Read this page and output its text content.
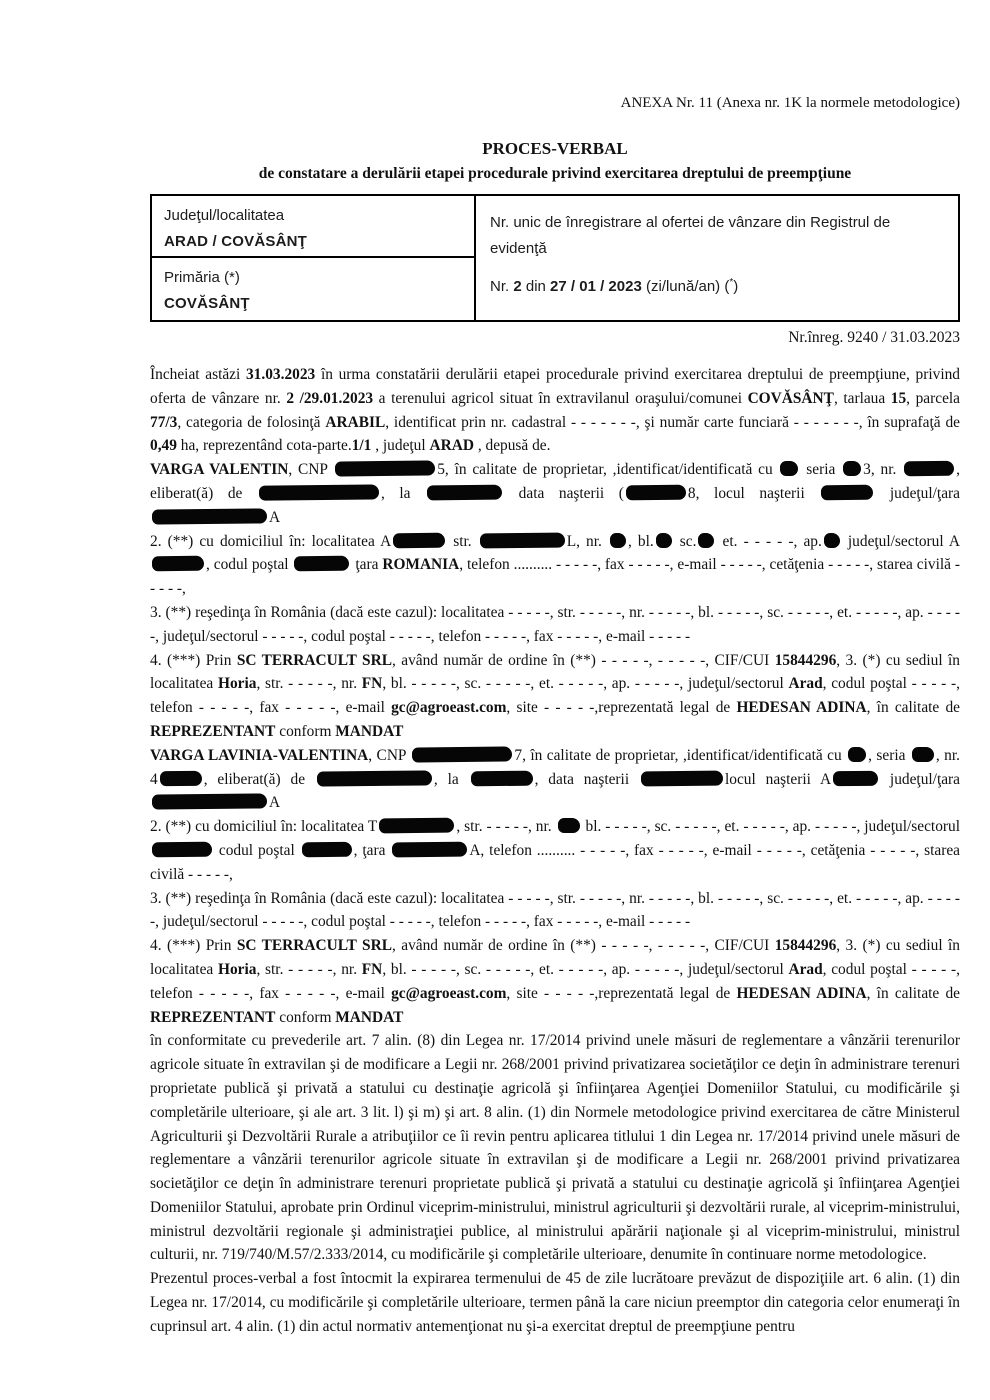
ANEXA Nr. 11 (Anexa nr. 1K la normele metodologice)
PROCES-VERBAL
de constatare a derulării etapei procedurale privind exercitarea dreptului de preempţiune
Judeţul/localitatea
ARAD / COVĂSÂNŢ
Nr. unic de înregistrare al ofertei de vânzare din Registrul de evidenţă
Nr. 2 din 27 / 01 / 2023 (zi/lună/an) (*)
Primăria (*)
COVĂSÂNŢ
Nr.înreg. 9240 / 31.03.2023

Încheiat astăzi 31.03.2023 în urma constatării derulării etapei procedurale privind exercitarea dreptului de preempţiune, privind oferta de vânzare nr. 2 /29.01.2023 a terenului agricol situat în extravilanul oraşului/comunei COVĂSÂNŢ, tarlaua 15, parcela 77/3, categoria de folosinţă ARABIL, identificat prin nr. cadastral - - - - - - -, şi număr carte funciară - - - - - - -, în suprafaţă de 0,49 ha, reprezentând cota-parte.1/1 , judeţul ARAD , depusă de.

VARGA VALENTIN, CNP	5, în calitate de proprietar, ,identificat/identificată cu  seria 3, nr.	, eliberat(ă) de	, la	data naşterii (	8, locul naşterii	judeţul/ţara A

2. (**) cu domiciliul în: localitatea A	str.	L, nr. , bl. sc. et. - - - - -, ap. judeţul/sectorul A, codul poştal	ţara ROMANIA, telefon .......... - - - - -, fax - - - - -, e-mail - - - - -, cetăţenia - - - - -, starea civilă - - - - -,

3. (**) reşedinţa în România (dacă este cazul): localitatea - - - - -, str. - - - - -, nr. - - - - -, bl. - - - - -, sc. - - - - -, et. - - - - -, ap. - - - - -, judeţul/sectorul - - - - -, codul poştal - - - - -, telefon - - - - -, fax - - - - -, e-mail - - - - -

4. (***) Prin SC TERRACULT SRL, având număr de ordine în (**) - - - - -, - - - - -, CIF/CUI 15844296, 3. (*) cu sediul în localitatea Horia, str. - - - - -, nr. FN, bl. - - - - -, sc. - - - - -, et. - - - - -, ap. - - - - -, judeţul/sectorul Arad, codul poştal - - - - -, telefon - - - - -, fax - - - - -, e-mail gc@agroeast.com, site - - - - -,reprezentată legal de HEDESAN ADINA, în calitate de REPREZENTANT conform MANDAT

VARGA LAVINIA-VALENTINA, CNP	7, în calitate de proprietar, ,identificat/identificată cu , seria , nr. 4	, eliberat(ă) de	, la	, data naşterii	locul naşterii A	judeţul/ţara A

2. (**) cu domiciliul în: localitatea T	, str. - - - - -, nr.  bl. - - - - -, sc. - - - - -, et. - - - - -, ap. - - - - -, judeţul/sectorul  codul poştal	, ţara	A, telefon .......... - - - - -, fax - - - - -, e-mail - - - - -, cetăţenia - - - - -, starea civilă - - - - -,

3. (**) reşedinţa în România (dacă este cazul): localitatea - - - - -, str. - - - - -, nr. - - - - -, bl. - - - - -, sc. - - - - -, et. - - - - -, ap. - - - - -, judeţul/sectorul - - - - -, codul poştal - - - - -, telefon - - - - -, fax - - - - -, e-mail - - - - -

4. (***) Prin SC TERRACULT SRL, având număr de ordine în (**) - - - - -, - - - - -, CIF/CUI 15844296, 3. (*) cu sediul în localitatea Horia, str. - - - - -, nr. FN, bl. - - - - -, sc. - - - - -, et. - - - - -, ap. - - - - -, judeţul/sectorul Arad, codul poştal - - - - -, telefon - - - - -, fax - - - - -, e-mail gc@agroeast.com, site - - - - -,reprezentată legal de HEDESAN ADINA, în calitate de REPREZENTANT conform MANDAT

în conformitate cu prevederile art. 7 alin. (8) din Legea nr. 17/2014 privind unele măsuri de reglementare a vânzării terenurilor agricole situate în extravilan şi de modificare a Legii nr. 268/2001 privind privatizarea societăţilor ce deţin în administrare terenuri proprietate publică şi privată a statului cu destinaţie agricolă şi înfiinţarea Agenţiei Domeniilor Statului, cu modificările şi completările ulterioare, şi ale art. 3 lit. l) şi m) şi art. 8 alin. (1) din Normele metodologice privind exercitarea de către Ministerul Agriculturii şi Dezvoltării Rurale a atribuţiilor ce îi revin pentru aplicarea titlului 1 din Legea nr. 17/2014 privind unele măsuri de reglementare a vânzării terenurilor agricole situate în extravilan şi de modificare a Legii nr. 268/2001 privind privatizarea societăţilor ce deţin în administrare terenuri proprietate publică şi privată a statului cu destinaţie agricolă şi înfiinţarea Agenţiei Domeniilor Statului, aprobate prin Ordinul viceprim-ministrului, ministrul agriculturii şi dezvoltării rurale, al viceprim-ministrului, ministrul dezvoltării regionale şi administraţiei publice, al ministrului apărării naţionale şi al viceprim-ministrului, ministrul culturii, nr. 719/740/M.57/2.333/2014, cu modificările şi completările ulterioare, denumite în continuare norme metodologice.

Prezentul proces-verbal a fost întocmit la expirarea termenului de 45 de zile lucrătoare prevăzut de dispoziţiile art. 6 alin. (1) din Legea nr. 17/2014, cu modificările şi completările ulterioare, termen până la care niciun preemptor din categoria celor enumeraţi în cuprinsul art. 4 alin. (1) din actul normativ antemenţionat nu şi-a exercitat dreptul de preempţiune pentru
